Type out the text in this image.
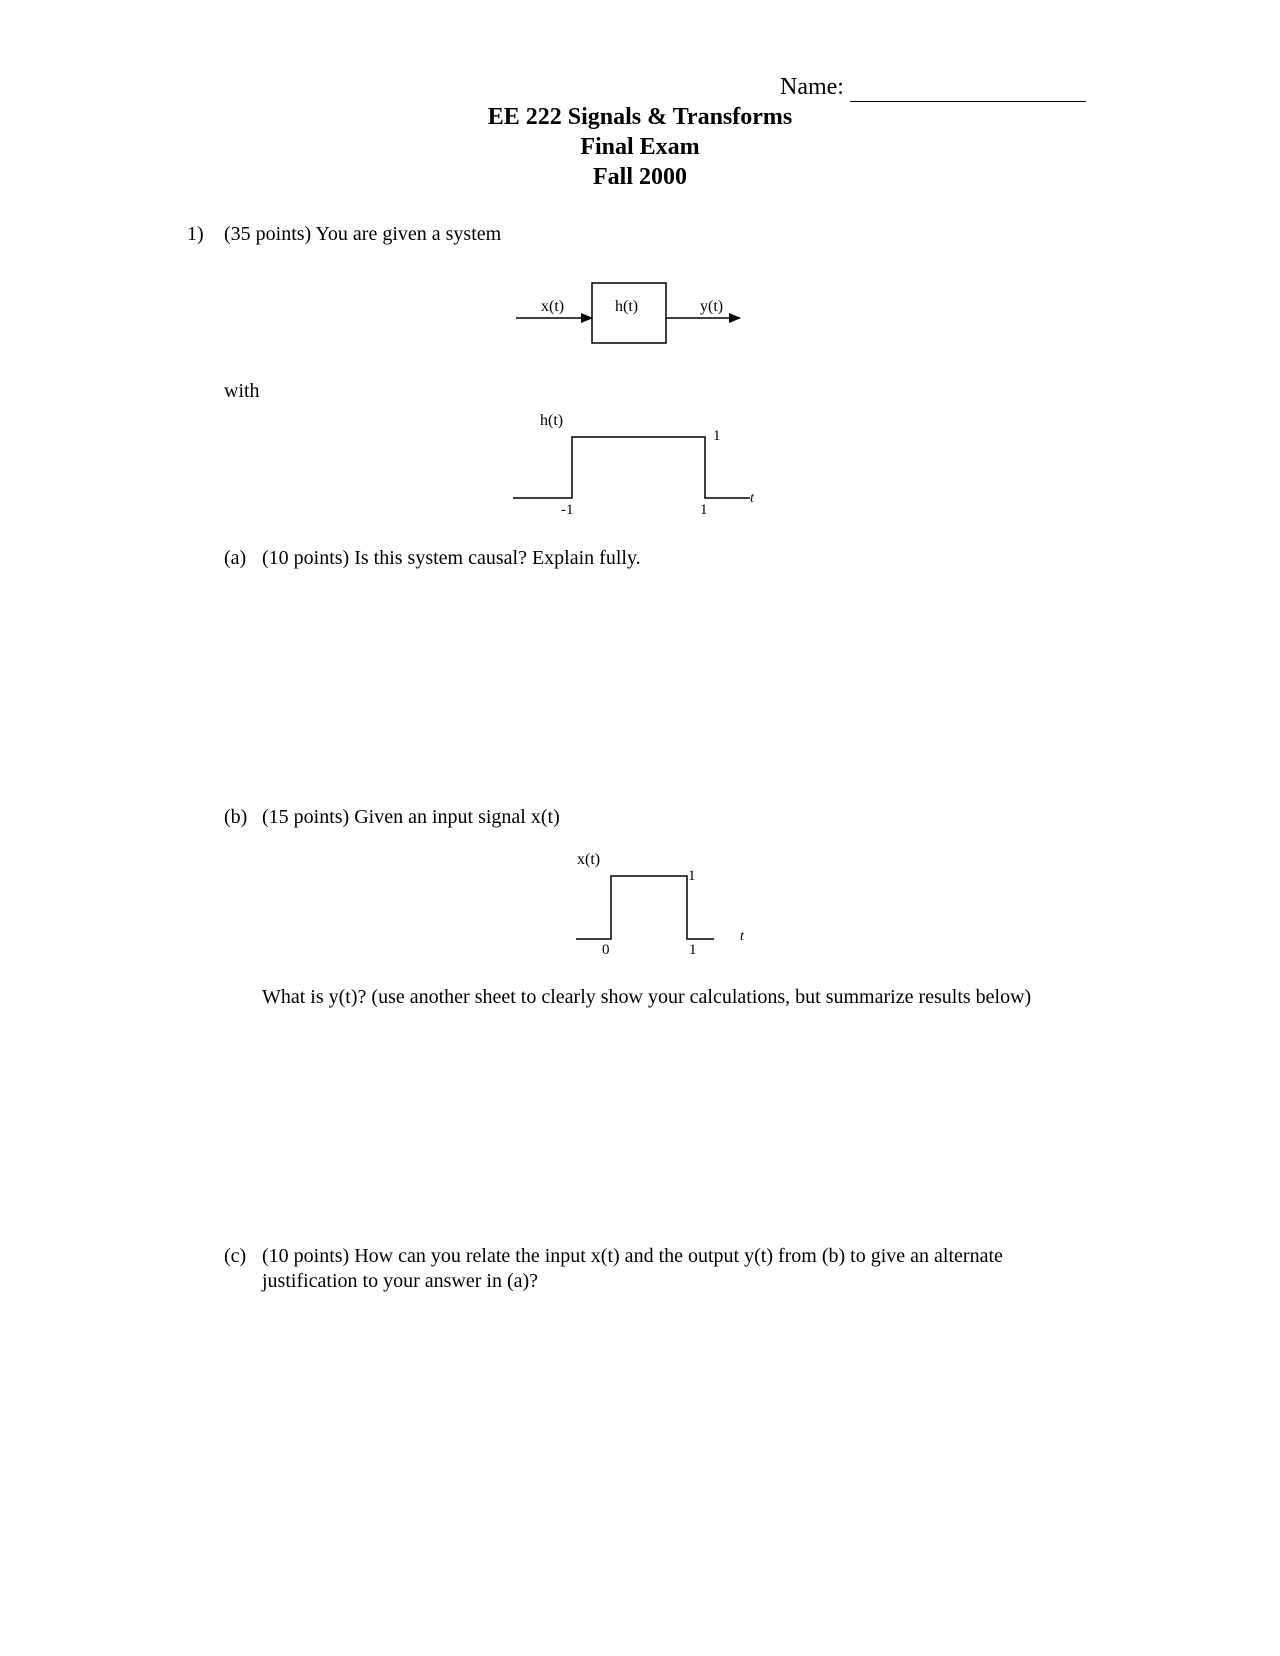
Name:
EE 222 Signals & Transforms
Final Exam
Fall 2000
1) (35 points) You are given a system
x(t)	h(t)	y(t)
h(t)
1
-1	1
t
x(t)
1
0	1
t
with
(a) (10 points) Is this system causal? Explain fully.
(b) (15 points) Given an input signal x(t)
What is y(t)? (use another sheet to clearly show your calculations, but summarize results below)
(c) (10 points) How can you relate the input x(t) and the output y(t) from (b) to give an alternate
justification to your answer in (a)?
